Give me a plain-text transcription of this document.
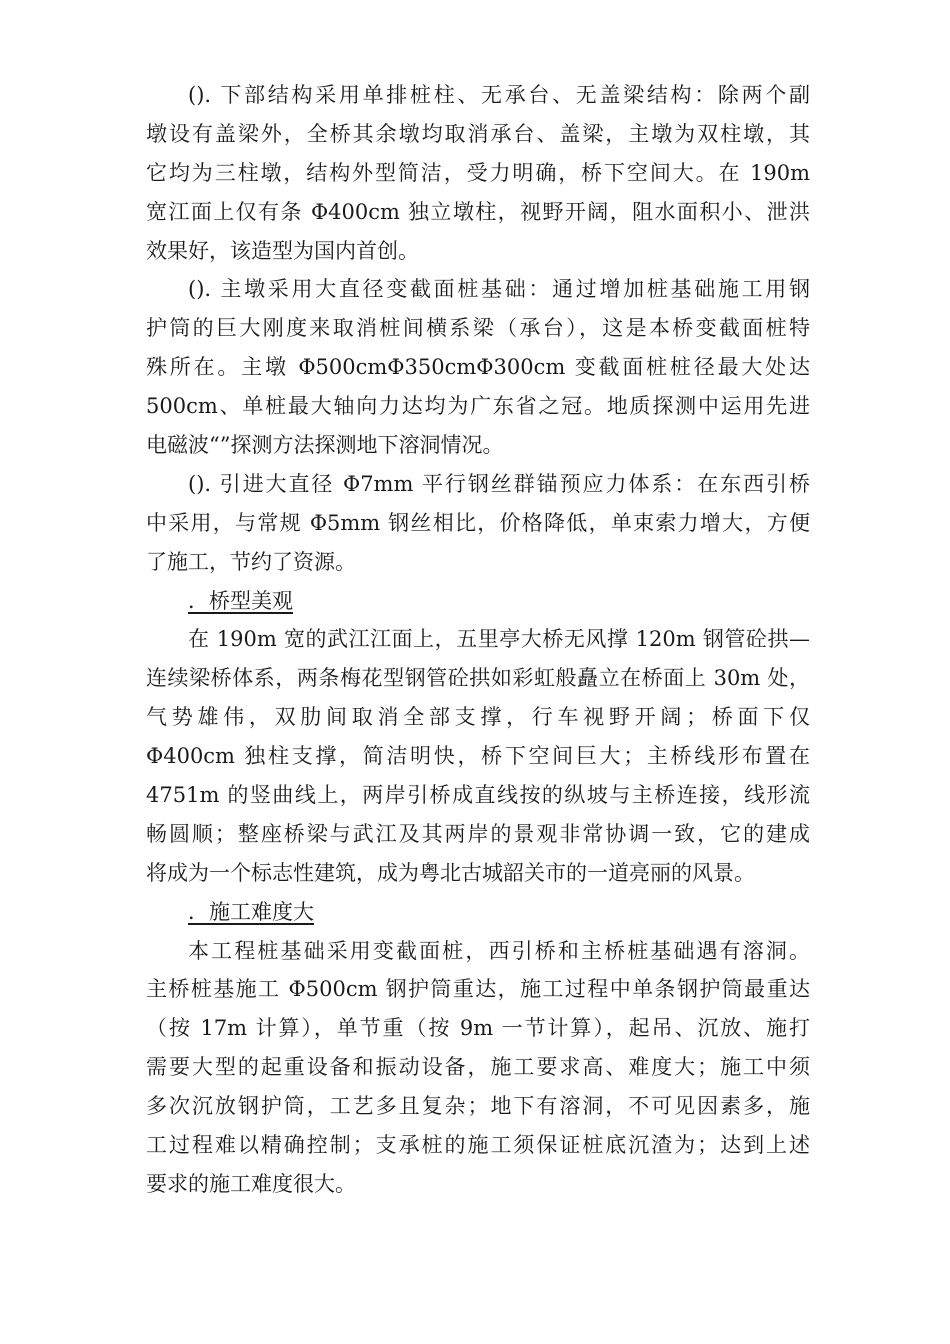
(). 下部结构采用单排桩柱、无承台、无盖梁结构：除两个副
墩设有盖梁外，全桥其余墩均取消承台、盖梁，主墩为双柱墩，其
它均为三柱墩，结构外型简洁，受力明确，桥下空间大。在 190m
宽江面上仅有条 Φ400cm 独立墩柱，视野开阔，阻水面积小、泄洪
效果好，该造型为国内首创。
(). 主墩采用大直径变截面桩基础：通过增加桩基础施工用钢
护筒的巨大刚度来取消桩间横系梁（承台），这是本桥变截面桩特
殊所在。主墩 Φ500cmΦ350cmΦ300cm 变截面桩桩径最大处达
500cm、单桩最大轴向力达均为广东省之冠。地质探测中运用先进
电磁波“”探测方法探测地下溶洞情况。
(). 引进大直径 Φ7mm 平行钢丝群锚预应力体系：在东西引桥
中采用，与常规 Φ5mm 钢丝相比，价格降低，单束索力增大，方便
了施工，节约了资源。
．桥型美观
在 190m 宽的武江江面上，五里亭大桥无风撑 120m 钢管砼拱—
连续梁桥体系，两条梅花型钢管砼拱如彩虹般矗立在桥面上 30m 处，
气势雄伟，双肋间取消全部支撑，行车视野开阔；桥面下仅
Φ400cm 独柱支撑，简洁明快，桥下空间巨大；主桥线形布置在
4751m 的竖曲线上，两岸引桥成直线按的纵坡与主桥连接，线形流
畅圆顺；整座桥梁与武江及其两岸的景观非常协调一致，它的建成
将成为一个标志性建筑，成为粤北古城韶关市的一道亮丽的风景。
．施工难度大
本工程桩基础采用变截面桩，西引桥和主桥桩基础遇有溶洞。
主桥桩基施工 Φ500cm 钢护筒重达，施工过程中单条钢护筒最重达
（按 17m 计算），单节重（按 9m 一节计算），起吊、沉放、施打
需要大型的起重设备和振动设备，施工要求高、难度大；施工中须
多次沉放钢护筒，工艺多且复杂；地下有溶洞，不可见因素多，施
工过程难以精确控制；支承桩的施工须保证桩底沉渣为；达到上述
要求的施工难度很大。
